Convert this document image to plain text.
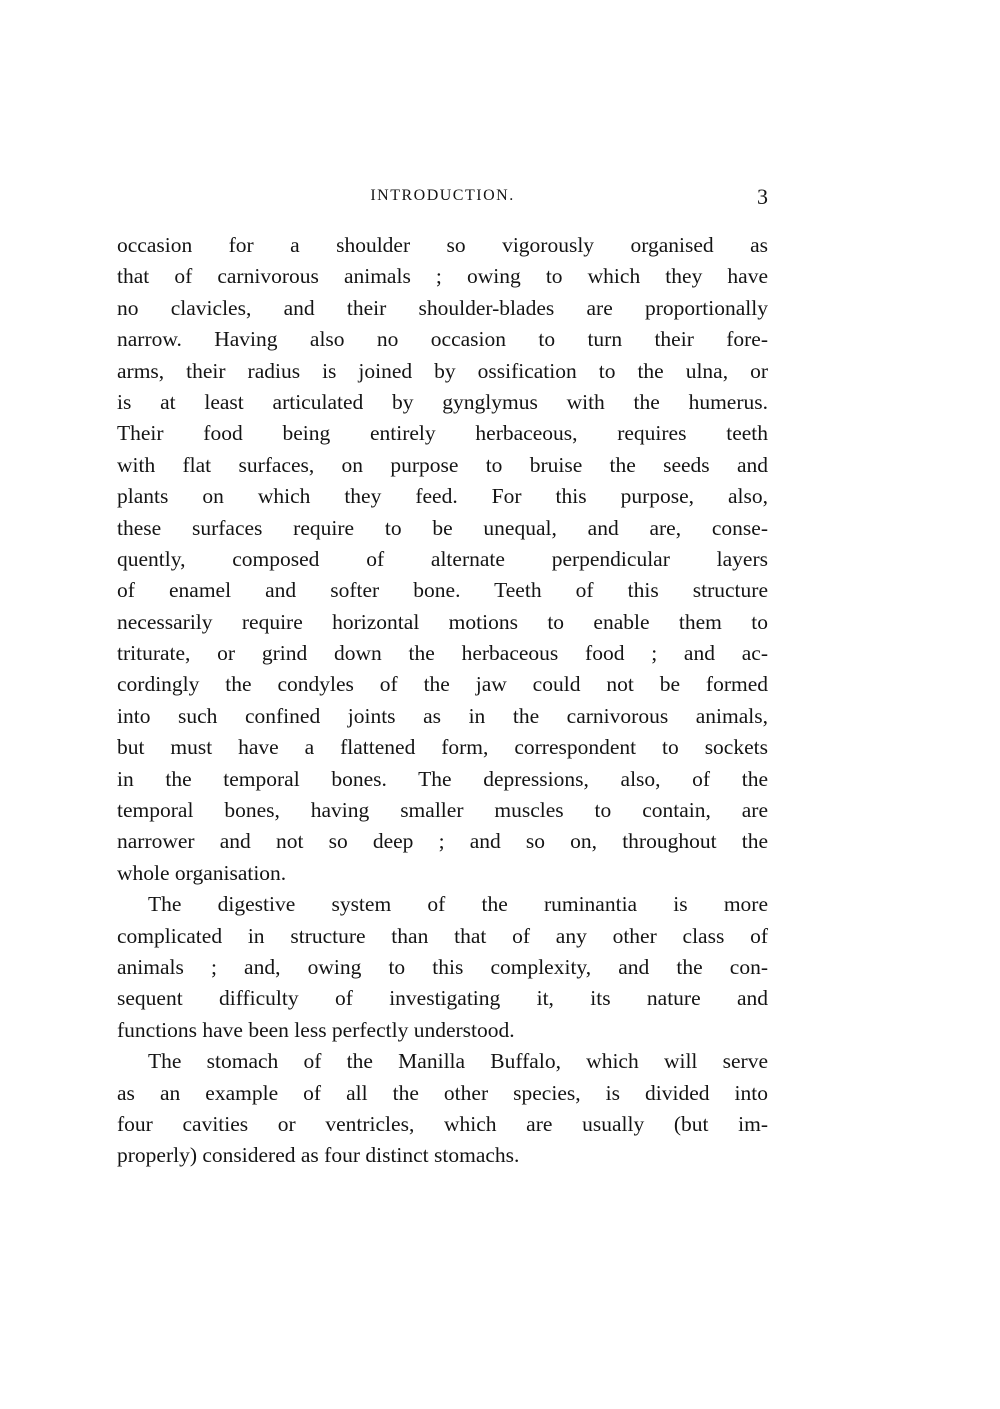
INTRODUCTION.	3
occasion for a shoulder so vigorously organised as
that of carnivorous animals ; owing to which they have
no clavicles, and their shoulder-blades are proportionally
narrow. Having also no occasion to turn their fore-
arms, their radius is joined by ossification to the ulna, or
is at least articulated by gynglymus with the humerus.
Their food being entirely herbaceous, requires teeth
with flat surfaces, on purpose to bruise the seeds and
plants on which they feed. For this purpose, also,
these surfaces require to be unequal, and are, conse-
quently, composed of alternate perpendicular layers
of enamel and softer bone. Teeth of this structure
necessarily require horizontal motions to enable them to
triturate, or grind down the herbaceous food ; and ac-
cordingly the condyles of the jaw could not be formed
into such confined joints as in the carnivorous animals,
but must have a flattened form, correspondent to sockets
in the temporal bones. The depressions, also, of the
temporal bones, having smaller muscles to contain, are
narrower and not so deep ; and so on, throughout the
whole organisation.
The digestive system of the ruminantia is more
complicated in structure than that of any other class of
animals ; and, owing to this complexity, and the con-
sequent difficulty of investigating it, its nature and
functions have been less perfectly understood.
The stomach of the Manilla Buffalo, which will serve
as an example of all the other species, is divided into
four cavities or ventricles, which are usually (but im-
properly) considered as four distinct stomachs.
